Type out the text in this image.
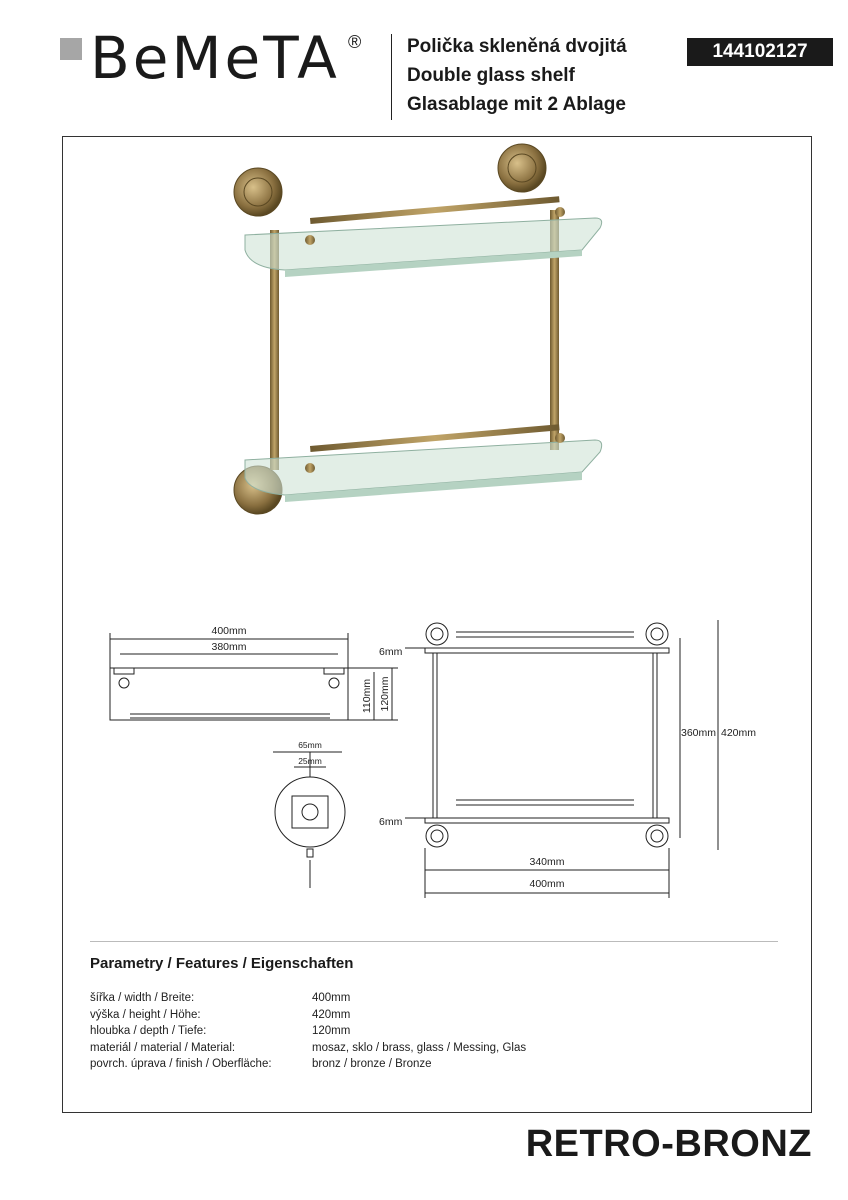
BeMeTA ® Polička skleněná dvojitá
Double glass shelf
Glasablage mit 2 Ablage
144102127
400mm
380mm
110mm 120mm
65mm
25mm
6mm
6mm
360mm 420mm
340mm
400mm
Parametry / Features / Eigenschaften
šířka / width / Breite:	400mm
výška / height / Höhe:	420mm
hloubka / depth / Tiefe:	120mm
materiál / material / Material:	mosaz, sklo / brass, glass / Messing, Glas
povrch. úprava / finish / Oberfläche:	bronz / bronze / Bronze
RETRO-BRONZ
